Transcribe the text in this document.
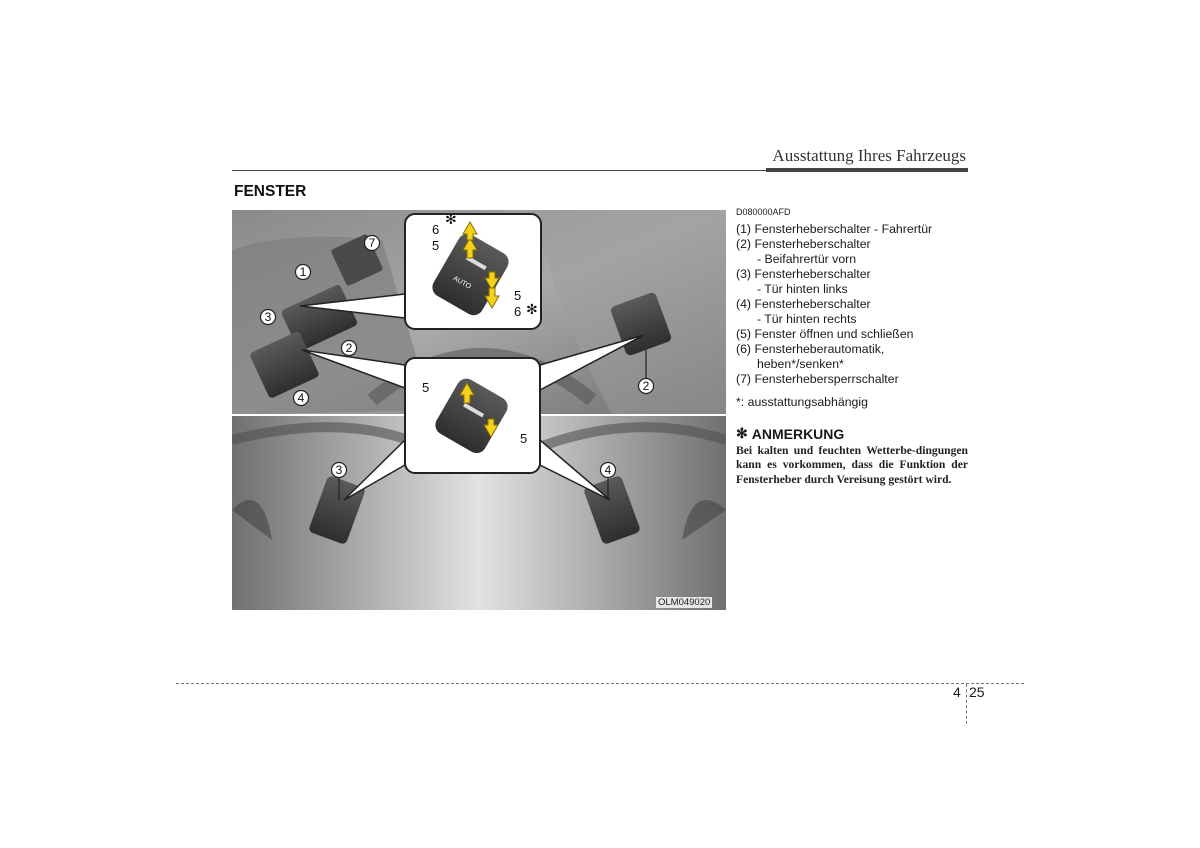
Ausstattung Ihres Fahrzeugs
FENSTER
AUTO
6
✻
5
5
6 ✻
5
5
7
1
3
2
4
2
3	4
OLM049020
D080000AFD

(1) Fensterheberschalter - Fahrertür

(2) Fensterheberschalter
- Beifahrertür vorn

(3) Fensterheberschalter
- Tür hinten links

(4) Fensterheberschalter
- Tür hinten rechts

(5) Fenster öffnen und schließen

(6) Fensterheberautomatik,
heben*/senken*

(7) Fensterhebersperrschalter

*: ausstattungsabhängig
✻ ANMERKUNG
Bei kalten und feuchten Wetterbe-dingungen kann es vorkommen, dass die Funktion der Fensterheber durch Vereisung gestört wird.
4 25
